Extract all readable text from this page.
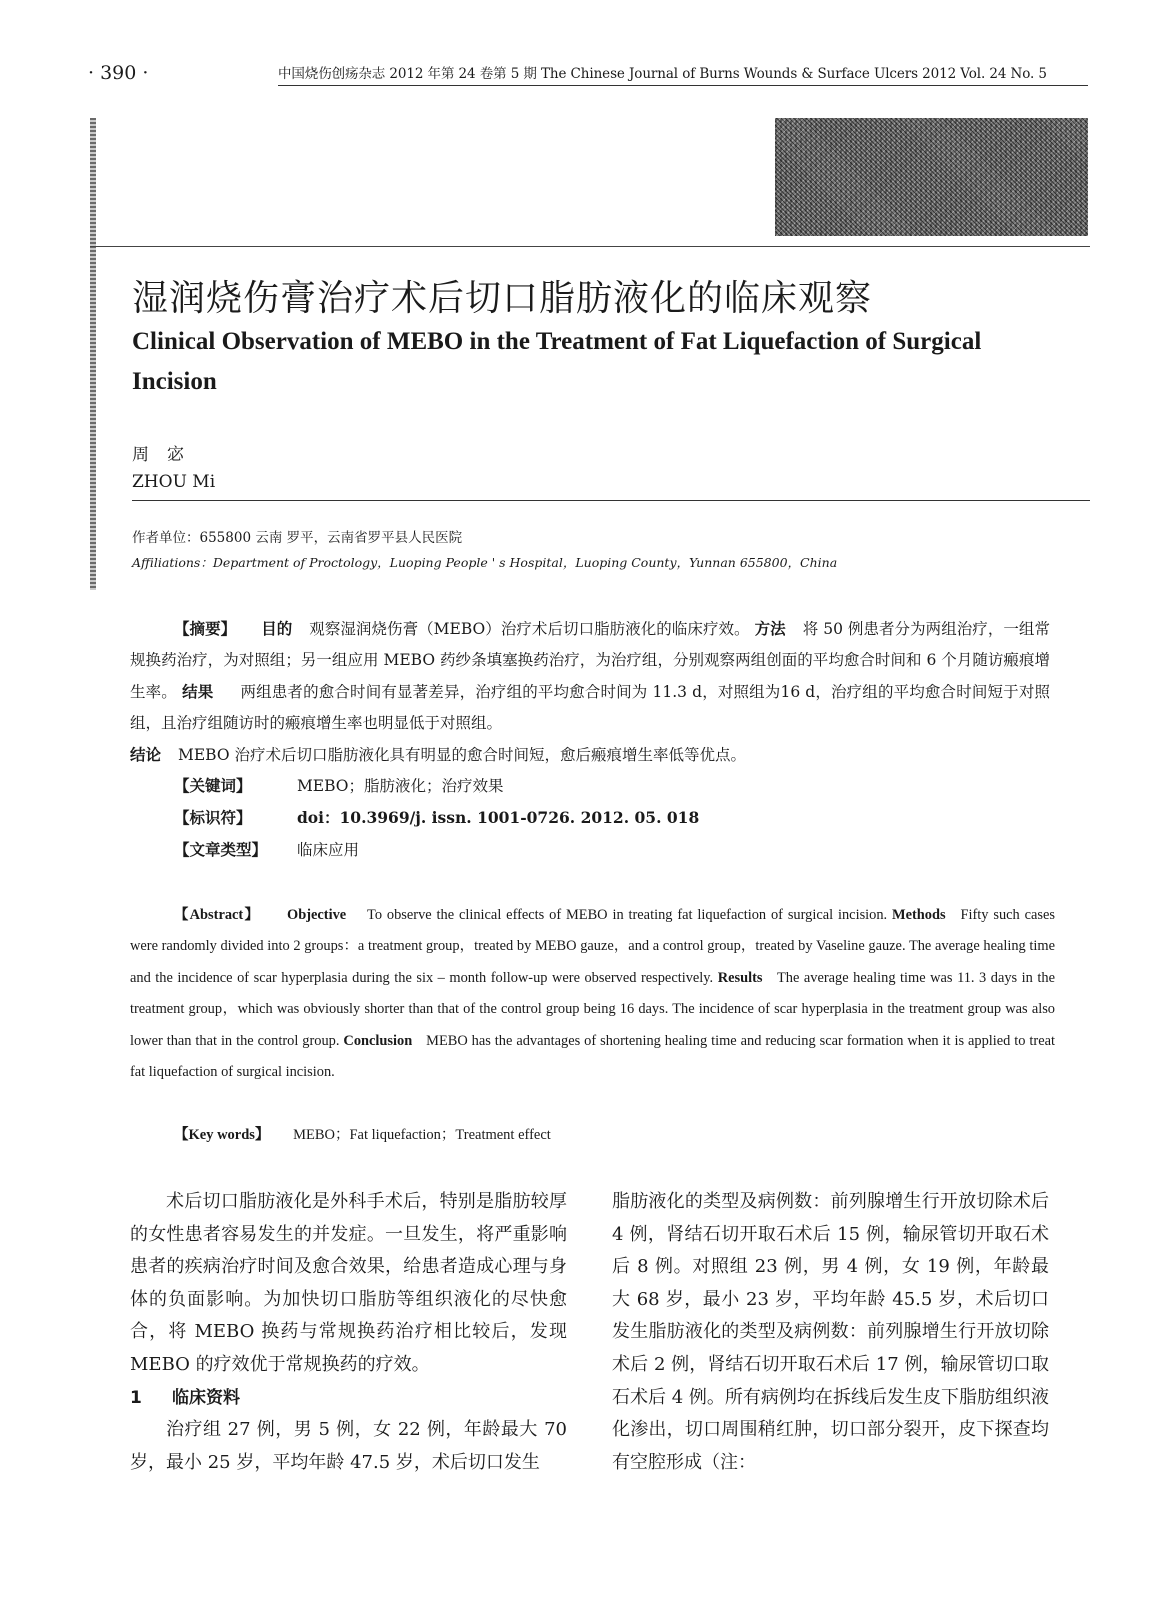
· 390 ·	中国烧伤创疡杂志 2012 年第 24 卷第 5 期 The Chinese Journal of Burns Wounds & Surface Ulcers 2012 Vol. 24 No. 5
湿润烧伤膏治疗术后切口脂肪液化的临床观察
Clinical Observation of MEBO in the Treatment of Fat Liquefaction of Surgical Incision
周宓
ZHOU Mi
作者单位：655800 云南 罗平，云南省罗平县人民医院
Affiliations：Department of Proctology，Luoping People ' s Hospital，Luoping County，Yunnan 655800，China
【摘要】 目的 观察湿润烧伤膏（MEBO）治疗术后切口脂肪液化的临床疗效。 方法 将 50 例患者分为两组治疗，一组常规换药治疗，为对照组；另一组应用 MEBO 药纱条填塞换药治疗，为治疗组，分别观察两组创面的平均愈合时间和 6 个月随访瘢痕增生率。 结果 两组患者的愈合时间有显著差异，治疗组的平均愈合时间为 11.3 d，对照组为16 d，治疗组的平均愈合时间短于对照组，且治疗组随访时的瘢痕增生率也明显低于对照组。
结论 MEBO 治疗术后切口脂肪液化具有明显的愈合时间短，愈后瘢痕增生率低等优点。
【关键词】	MEBO；脂肪液化；治疗效果
【标识符】	doi：10.3969/j. issn. 1001-0726. 2012. 05. 018
【文章类型】 临床应用
【Abstract】 Objective To observe the clinical effects of MEBO in treating fat liquefaction of surgical incision. Methods Fifty such cases were randomly divided into 2 groups：a treatment group，treated by MEBO gauze，and a control group，treated by Vaseline gauze. The average healing time and the incidence of scar hyperplasia during the six – month follow-up were observed respectively. Results The average healing time was 11. 3 days in the treatment group，which was obviously shorter than that of the control group being 16 days. The incidence of scar hyperplasia in the treatment group was also lower than that in the control group. Conclusion MEBO has the advantages of shortening healing time and reducing scar formation when it is applied to treat fat liquefaction of surgical incision.
【Key words】 MEBO；Fat liquefaction；Treatment effect

术后切口脂肪液化是外科手术后，特别是脂肪较厚的女性患者容易发生的并发症。一旦发生，将严重影响患者的疾病治疗时间及愈合效果，给患者造成心理与身体的负面影响。为加快切口脂肪等组织液化的尽快愈合，将 MEBO 换药与常规换药治疗相比较后，发现 MEBO 的疗效优于常规换药的疗效。

1 临床资料

治疗组 27 例，男 5 例，女 22 例，年龄最大 70 岁，最小 25 岁，平均年龄 47.5 岁，术后切口发生

脂肪液化的类型及病例数：前列腺增生行开放切除术后 4 例，肾结石切开取石术后 15 例，输尿管切开取石术后 8 例。对照组 23 例，男 4 例，女 19 例，年龄最大 68 岁，最小 23 岁，平均年龄 45.5 岁，术后切口发生脂肪液化的类型及病例数：前列腺增生行开放切除术后 2 例，肾结石切开取石术后 17 例，输尿管切口取石术后 4 例。所有病例均在拆线后发生皮下脂肪组织液化渗出，切口周围稍红肿，切口部分裂开，皮下探查均有空腔形成（注：
